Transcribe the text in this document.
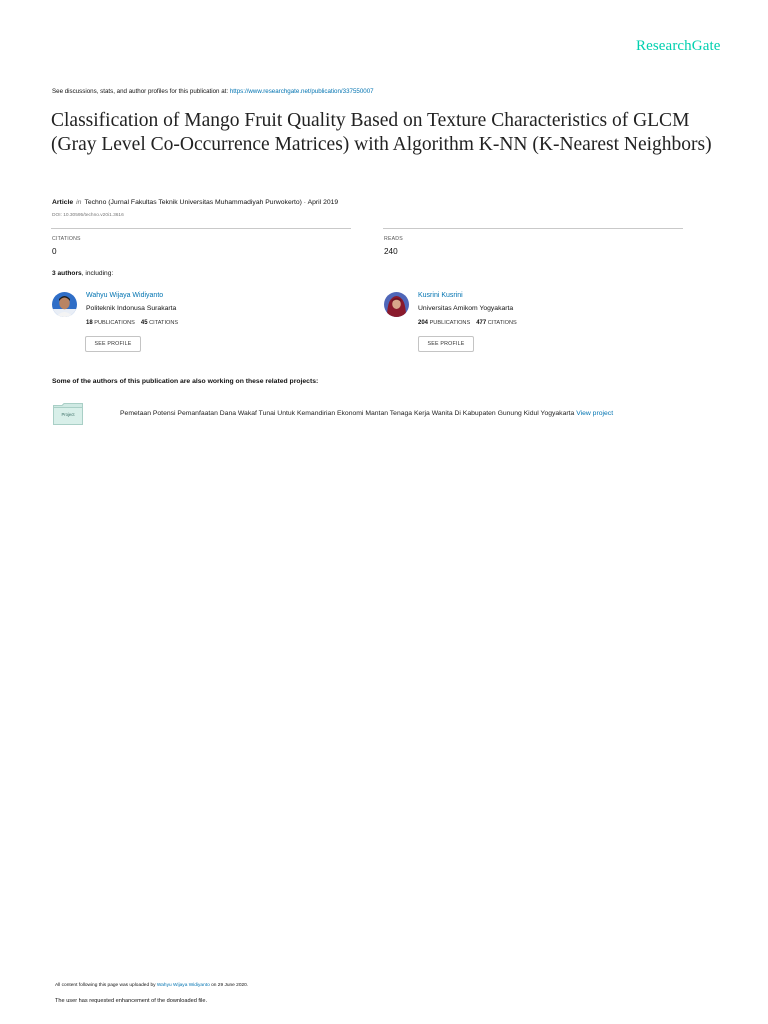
ResearchGate
See discussions, stats, and author profiles for this publication at: https://www.researchgate.net/publication/337550007
Classification of Mango Fruit Quality Based on Texture Characteristics of GLCM (Gray Level Co-Occurrence Matrices) with Algorithm K-NN (K-Nearest Neighbors)
Article in Techno (Jurnal Fakultas Teknik Universitas Muhammadiyah Purwokerto) · April 2019
DOI: 10.30595/techno.v20i1.3616
CITATIONS
0
READS
240
3 authors, including:
Wahyu Wijaya Widiyanto
Politeknik Indonusa Surakarta
18 PUBLICATIONS 45 CITATIONS
SEE PROFILE
Kusrini Kusrini
Universitas Amikom Yogyakarta
204 PUBLICATIONS 477 CITATIONS
SEE PROFILE
Some of the authors of this publication are also working on these related projects:
Project	Pemetaan Potensi Pemanfaatan Dana Wakaf Tunai Untuk Kemandirian Ekonomi Mantan Tenaga Kerja Wanita Di Kabupaten Gunung Kidul Yogyakarta View project
All content following this page was uploaded by Wahyu Wijaya Widiyanto on 29 June 2020.
The user has requested enhancement of the downloaded file.
